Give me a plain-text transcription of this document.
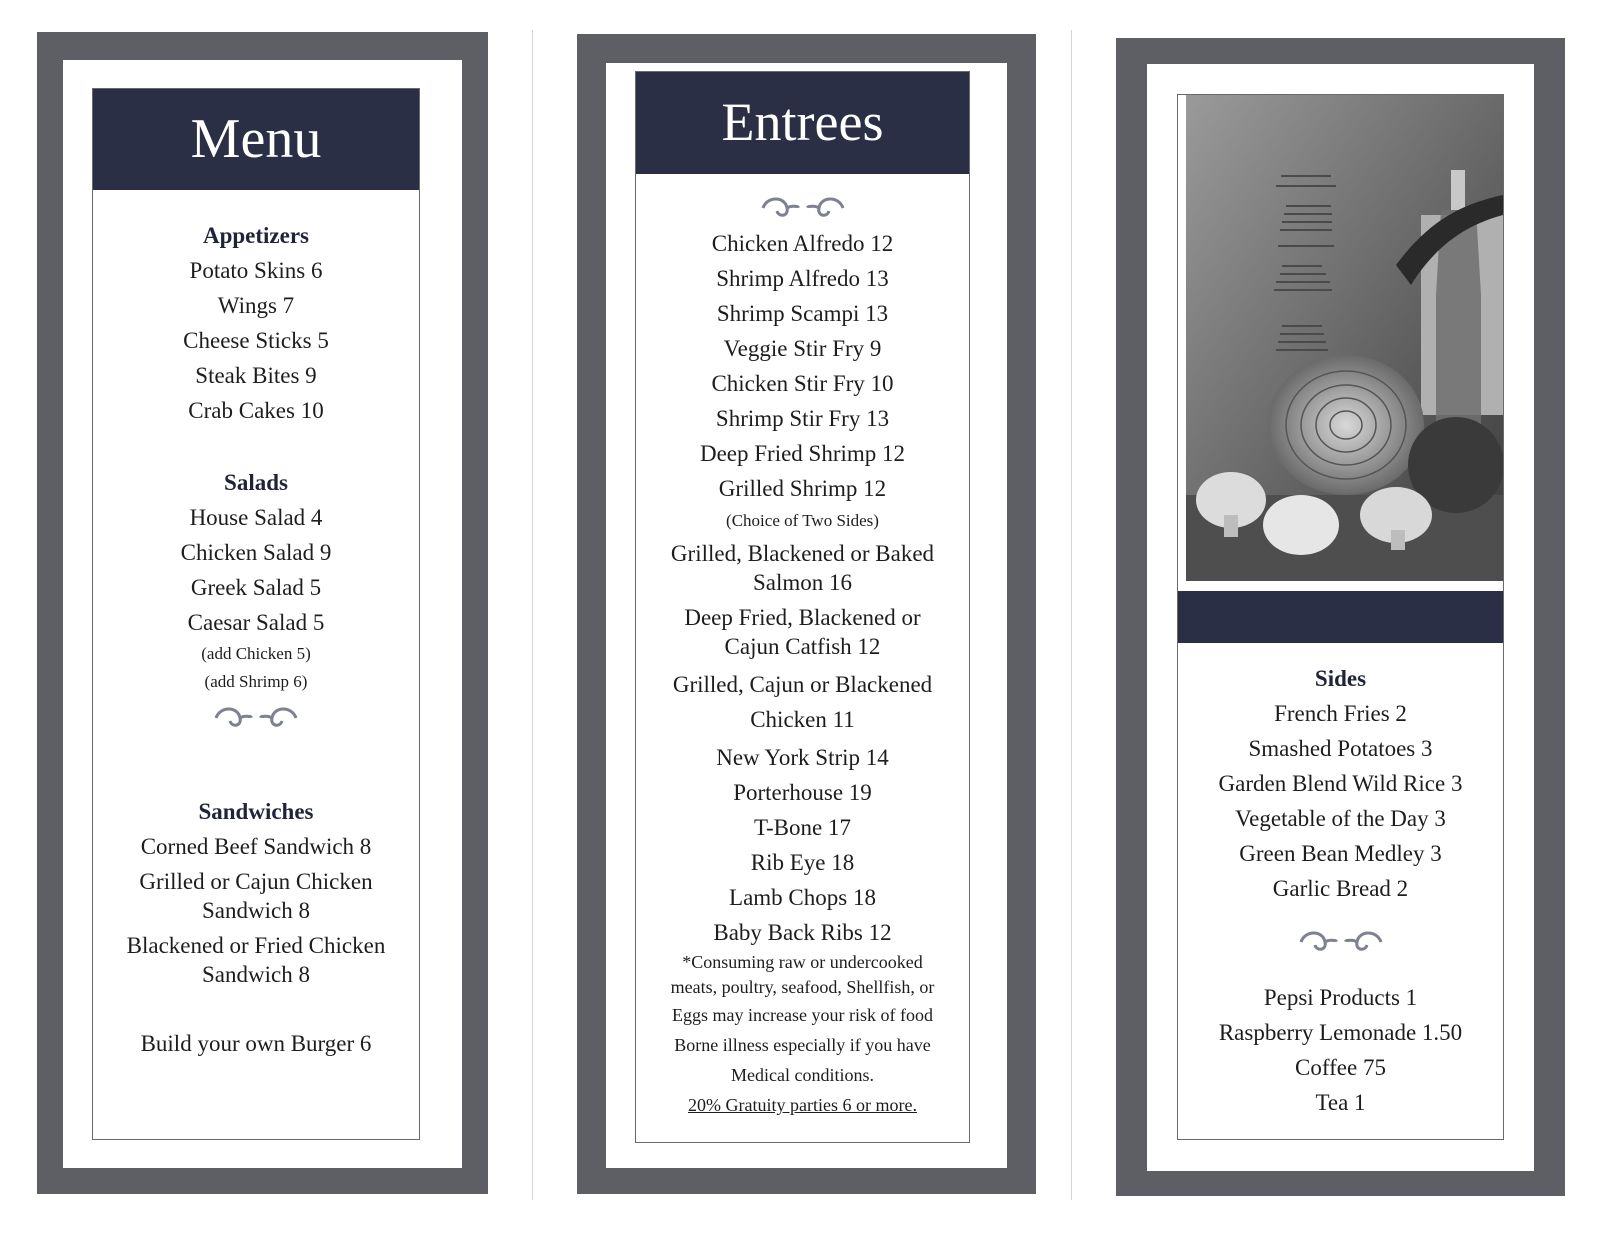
Menu
Appetizers
Potato Skins 6
Wings 7
Cheese Sticks 5
Steak Bites 9
Crab Cakes 10
Salads
House Salad 4
Chicken Salad 9
Greek Salad 5
Caesar Salad 5
(add Chicken 5)
(add Shrimp 6)
Sandwiches
Corned Beef Sandwich 8
Grilled or Cajun Chicken Sandwich 8
Blackened or Fried Chicken Sandwich 8
Build your own Burger 6
Entrees
Chicken Alfredo 12
Shrimp Alfredo 13
Shrimp Scampi 13
Veggie Stir Fry 9
Chicken Stir Fry 10
Shrimp Stir Fry 13
Deep Fried Shrimp 12
Grilled Shrimp 12
(Choice of Two Sides)
Grilled, Blackened or Baked Salmon 16
Deep Fried, Blackened or Cajun Catfish 12
Grilled, Cajun or Blackened Chicken 11
New York Strip 14
Porterhouse 19
T-Bone 17
Rib Eye 18
Lamb Chops 18
Baby Back Ribs 12
*Consuming raw or undercooked
meats, poultry, seafood, Shellfish, or
Eggs may increase your risk of food
Borne illness especially if you have
Medical conditions.
20% Gratuity parties 6 or more.
Sides
French Fries 2
Smashed Potatoes 3
Garden Blend Wild Rice 3
Vegetable of the Day 3
Green Bean Medley 3
Garlic Bread 2
Pepsi Products 1
Raspberry Lemonade 1.50
Coffee 75
Tea 1
